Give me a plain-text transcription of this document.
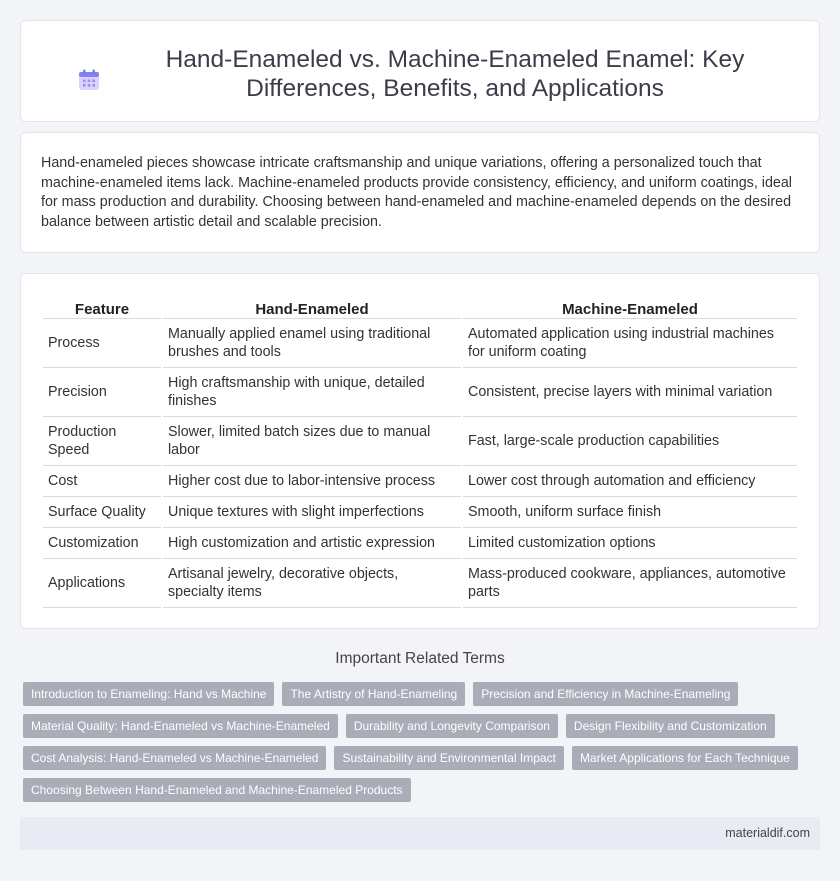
Hand-Enameled vs. Machine-Enameled Enamel: Key Differences, Benefits, and Applications

Hand-enameled pieces showcase intricate craftsmanship and unique variations, offering a personalized touch that machine-enameled items lack. Machine-enameled products provide consistency, efficiency, and uniform coatings, ideal for mass production and durability. Choosing between hand-enameled and machine-enameled depends on the desired balance between artistic detail and scalable precision.

Feature	Hand-Enameled	Machine-Enameled
Process	Manually applied enamel using traditional brushes and tools	Automated application using industrial machines for uniform coating
Precision	High craftsmanship with unique, detailed finishes	Consistent, precise layers with minimal variation
Production Speed	Slower, limited batch sizes due to manual labor	Fast, large-scale production capabilities
Cost	Higher cost due to labor-intensive process	Lower cost through automation and efficiency
Surface Quality	Unique textures with slight imperfections	Smooth, uniform surface finish
Customization	High customization and artistic expression	Limited customization options
Applications	Artisanal jewelry, decorative objects, specialty items	Mass-produced cookware, appliances, automotive parts
Important Related Terms
Introduction to Enameling: Hand vs Machine	The Artistry of Hand-Enameling	Precision and Efficiency in Machine-Enameling
Material Quality: Hand-Enameled vs Machine-Enameled	Durability and Longevity Comparison	Design Flexibility and Customization
Cost Analysis: Hand-Enameled vs Machine-Enameled	Sustainability and Environmental Impact	Market Applications for Each Technique
Choosing Between Hand-Enameled and Machine-Enameled Products
materialdif.com
